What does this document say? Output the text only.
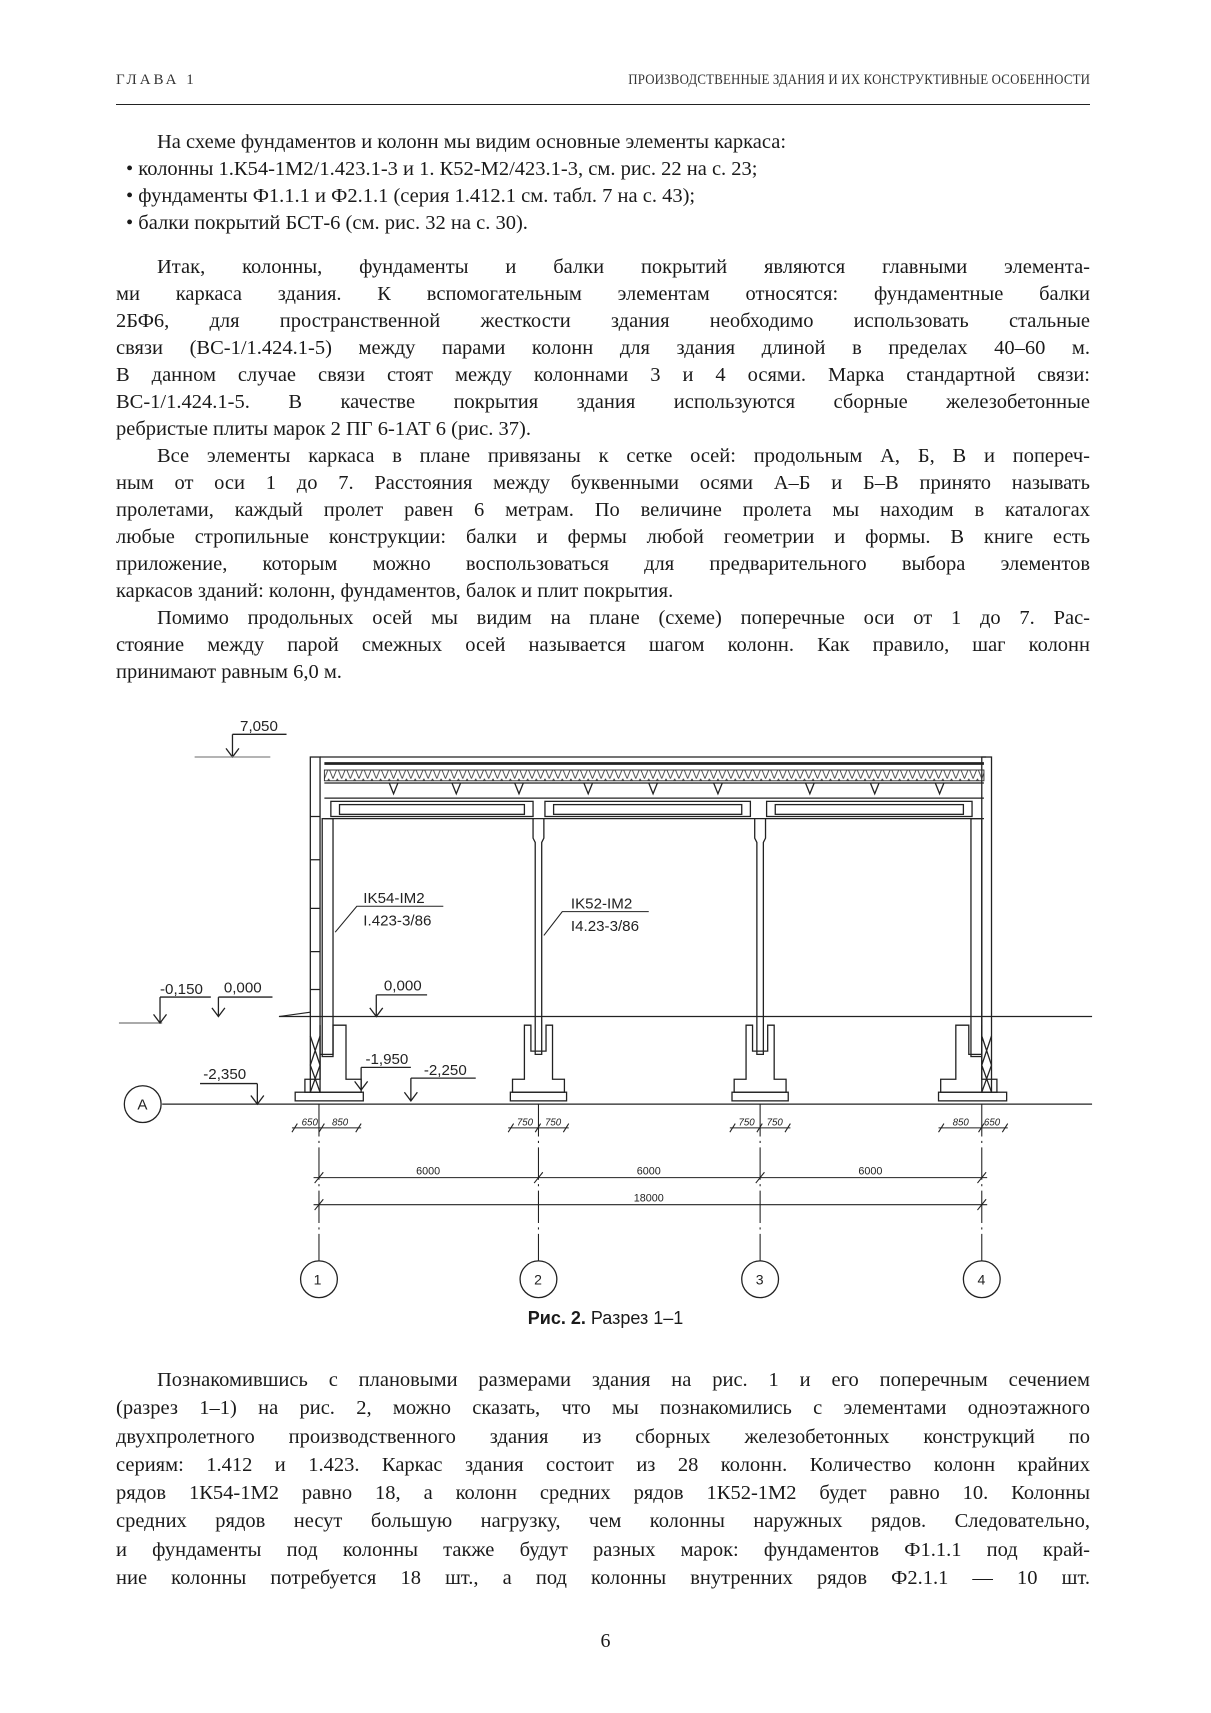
ГЛАВА 1	ПРОИЗВОДСТВЕННЫЕ ЗДАНИЯ И ИХ КОНСТРУКТИВНЫЕ ОСОБЕННОСТИ
На схеме фундаментов и колонн мы видим основные элементы каркаса:
• колонны 1.К54-1М2/1.423.1-3 и 1. К52-М2/423.1-3, см. рис. 22 на с. 23;
• фундаменты Ф1.1.1 и Ф2.1.1 (серия 1.412.1 см. табл. 7 на с. 43);
• балки покрытий БСТ-6 (см. рис. 32 на с. 30).
Итак, колонны, фундаменты и балки покрытий являются главными элемента-
ми каркаса здания. К вспомогательным элементам относятся: фундаментные балки
2БФ6, для пространственной жесткости здания необходимо использовать стальные
связи (ВС-1/1.424.1-5) между парами колонн для здания длиной в пределах 40–60 м.
В данном случае связи стоят между колоннами 3 и 4 осями. Марка стандартной связи:
ВС-1/1.424.1-5. В качестве покрытия здания используются сборные железобетонные
ребристые плиты марок 2 ПГ 6-1АТ 6 (рис. 37).
Все элементы каркаса в плане привязаны к сетке осей: продольным А, Б, В и попереч-
ным от оси 1 до 7. Расстояния между буквенными осями А–Б и Б–В принято называть
пролетами, каждый пролет равен 6 метрам. По величине пролета мы находим в каталогах
любые стропильные конструкции: балки и фермы любой геометрии и формы. В книге есть
приложение, которым можно воспользоваться для предварительного выбора элементов
каркасов зданий: колонн, фундаментов, балок и плит покрытия.
Помимо продольных осей мы видим на плане (схеме) поперечные оси от 1 до 7. Рас-
стояние между парой смежных осей называется шагом колонн. Как правило, шаг колонн
принимают равным 6,0 м.
7,050
-0,150 0,000	0,000
-2,350
-1,950
-2,250
IK54-IM2
I.423-3/86
IK52-IM2
I4.23-3/86
A
1	2	3	4
650 850	750 750	750 750	850 650
6000	6000	6000
18000
Рис. 2. Разрез 1–1
Познакомившись с плановыми размерами здания на рис. 1 и его поперечным сечением
(разрез 1–1) на рис. 2, можно сказать, что мы познакомились с элементами одноэтажного
двухпролетного производственного здания из сборных железобетонных конструкций по
сериям: 1.412 и 1.423. Каркас здания состоит из 28 колонн. Количество колонн крайних
рядов 1К54-1М2 равно 18, а колонн средних рядов 1К52-1М2 будет равно 10. Колонны
средних рядов несут большую нагрузку, чем колонны наружных рядов. Следовательно,
и фундаменты под колонны также будут разных марок: фундаментов Ф1.1.1 под край-
ние колонны потребуется 18 шт., а под колонны внутренних рядов Ф2.1.1 — 10 шт.
6
